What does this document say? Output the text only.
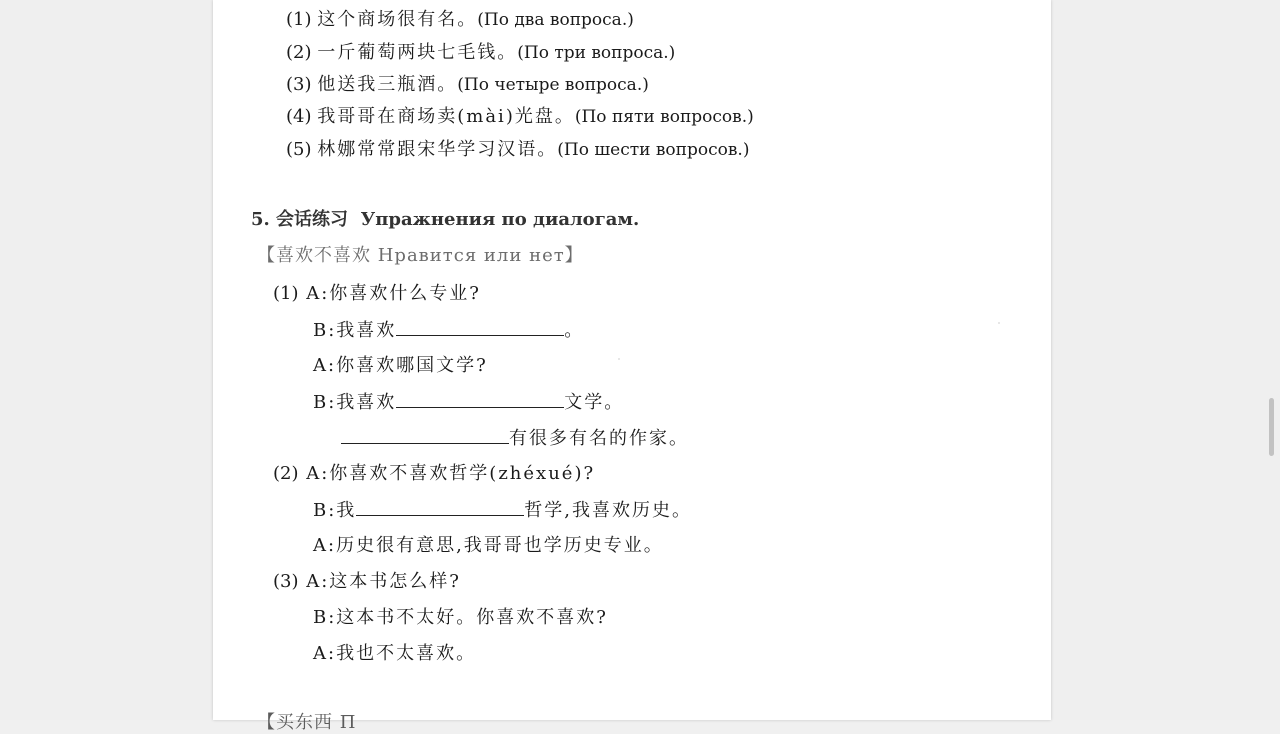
(1) 这个商场很有名。(По два вопроса.)
(2) 一斤葡萄两块七毛钱。(По три вопроса.)
(3) 他送我三瓶酒。(По четыре вопроса.)
(4) 我哥哥在商场卖(mài)光盘。(По пяти вопросов.)
(5) 林娜常常跟宋华学习汉语。(По шести вопросов.)
5. 会话练习 Упражнения по диалогам.
【喜欢不喜欢 Нравится или нет】
(1) A:你喜欢什么专业?
B:我喜欢	。
A:你喜欢哪国文学?
B:我喜欢	文学。
有很多有名的作家。
(2) A:你喜欢不喜欢哲学(zhéxué)?
B:我	哲学,我喜欢历史。
A:历史很有意思,我哥哥也学历史专业。
(3) A:这本书怎么样?
B:这本书不太好。你喜欢不喜欢?
A:我也不太喜欢。
【买东西 П
